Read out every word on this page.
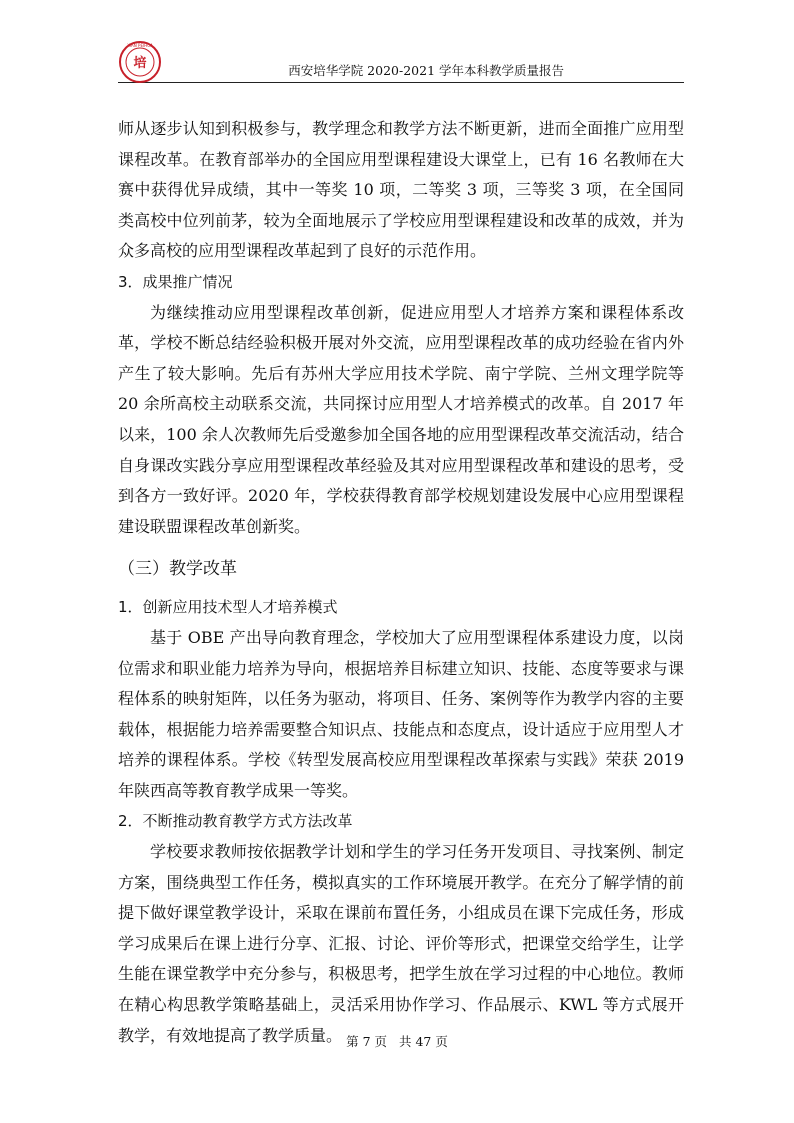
培
XIAN PEIHUA
西安培华学院 2020-2021 学年本科教学质量报告

师从逐步认知到积极参与，教学理念和教学方法不断更新，进而全面推广应用型课程改革。在教育部举办的全国应用型课程建设大课堂上，已有 16 名教师在大赛中获得优异成绩，其中一等奖 10 项，二等奖 3 项，三等奖 3 项，在全国同类高校中位列前茅，较为全面地展示了学校应用型课程建设和改革的成效，并为众多高校的应用型课程改革起到了良好的示范作用。

3．成果推广情况

为继续推动应用型课程改革创新，促进应用型人才培养方案和课程体系改革，学校不断总结经验积极开展对外交流，应用型课程改革的成功经验在省内外产生了较大影响。先后有苏州大学应用技术学院、南宁学院、兰州文理学院等 20 余所高校主动联系交流，共同探讨应用型人才培养模式的改革。自 2017 年以来，100 余人次教师先后受邀参加全国各地的应用型课程改革交流活动，结合自身课改实践分享应用型课程改革经验及其对应用型课程改革和建设的思考，受到各方一致好评。2020 年，学校获得教育部学校规划建设发展中心应用型课程建设联盟课程改革创新奖。

（三）教学改革

1．创新应用技术型人才培养模式

基于 OBE 产出导向教育理念，学校加大了应用型课程体系建设力度，以岗位需求和职业能力培养为导向，根据培养目标建立知识、技能、态度等要求与课程体系的映射矩阵，以任务为驱动，将项目、任务、案例等作为教学内容的主要载体，根据能力培养需要整合知识点、技能点和态度点，设计适应于应用型人才培养的课程体系。学校《转型发展高校应用型课程改革探索与实践》荣获 2019 年陕西高等教育教学成果一等奖。

2．不断推动教育教学方式方法改革

学校要求教师按依据教学计划和学生的学习任务开发项目、寻找案例、制定方案，围绕典型工作任务，模拟真实的工作环境展开教学。在充分了解学情的前提下做好课堂教学设计，采取在课前布置任务，小组成员在课下完成任务，形成学习成果后在课上进行分享、汇报、讨论、评价等形式，把课堂交给学生，让学生能在课堂教学中充分参与，积极思考，把学生放在学习过程的中心地位。教师在精心构思教学策略基础上，灵活采用协作学习、作品展示、KWL 等方式展开教学，有效地提高了教学质量。 第 7 页   共 47 页
